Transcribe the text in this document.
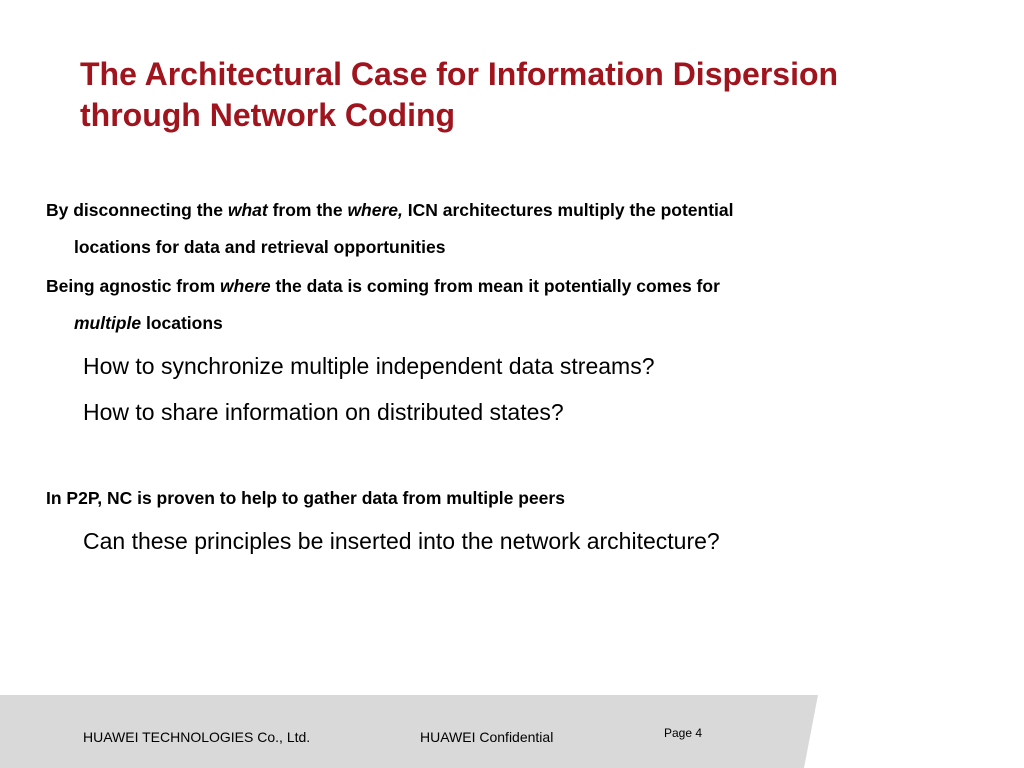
The Architectural Case for Information Dispersion
through Network Coding

By disconnecting the what from the where, ICN architectures multiply the potential
locations for data and retrieval opportunities

Being agnostic from where the data is coming from mean it potentially comes for
multiple locations

How to synchronize multiple independent data streams?

How to share information on distributed states?

In P2P, NC is proven to help to gather data from multiple peers

Can these principles be inserted into the network architecture?

HUAWEI TECHNOLOGIES Co., Ltd.	HUAWEI Confidential	Page 4
